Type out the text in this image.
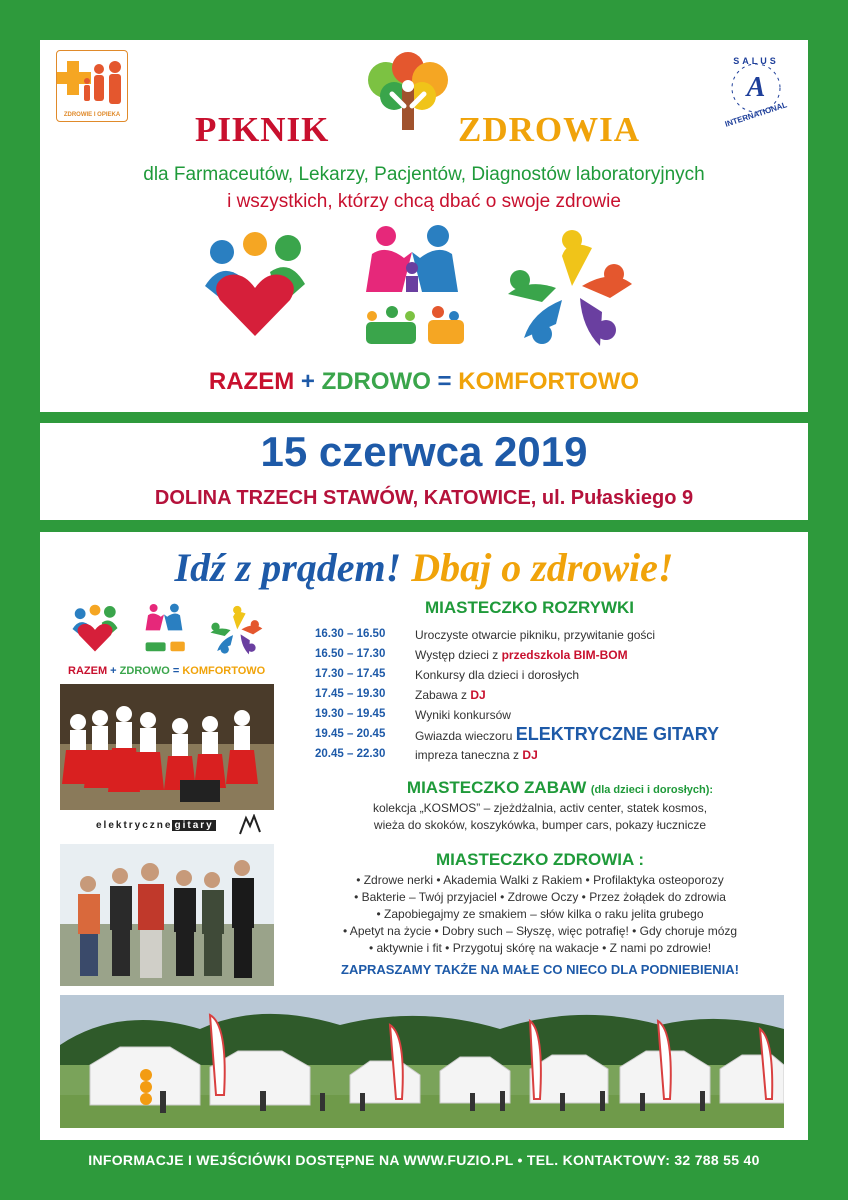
ZDROWIE I OPIEKA PIKNIK	ZDROWIA
SALUS
A
INTERNATIONAL
dla Farmaceutów, Lekarzy, Pacjentów, Diagnostów laboratoryjnych
i wszystkich, którzy chcą dbać o swoje zdrowie
RAZEM + ZDROWO = KOMFORTOWO
15 czerwca 2019
DOLINA TRZECH STAWÓW, KATOWICE, ul. Pułaskiego 9
Idź z prądem! Dbaj o zdrowie!
RAZEM + ZDROWO = KOMFORTOWO
elektryczne gitary
MIASTECZKO ROZRYWKI
16.30 – 16.50	Uroczyste otwarcie pikniku, przywitanie gości
16.50 – 17.30	Występ dzieci z przedszkola BIM-BOM
17.30 – 17.45	Konkursy dla dzieci i dorosłych
17.45 – 19.30	Zabawa z DJ
19.30 – 19.45	Wyniki konkursów
19.45 – 20.45	Gwiazda wieczoru ELEKTRYCZNE GITARY
20.45 – 22.30	impreza taneczna z DJ
MIASTECZKO ZABAW (dla dzieci i dorosłych):
kolekcja „KOSMOS” – zjeżdżalnia, activ center, statek kosmos,
wieża do skoków, koszykówka, bumper cars, pokazy łucznicze
MIASTECZKO ZDROWIA :
• Zdrowe nerki • Akademia Walki z Rakiem • Profilaktyka osteoporozy
• Bakterie – Twój przyjaciel • Zdrowe Oczy • Przez żołądek do zdrowia
• Zapobiegajmy ze smakiem – słów kilka o raku jelita grubego
• Apetyt na życie • Dobry such – Słyszę, więc potrafię! • Gdy choruje mózg
• aktywnie i fit • Przygotuj skórę na wakacje • Z nami po zdrowie!
ZAPRASZAMY TAKŻE NA MAŁE CO NIECO DLA PODNIEBIENIA!
INFORMACJE I WEJŚCIÓWKI DOSTĘPNE NA WWW.FUZIO.PL • TEL. KONTAKTOWY: 32 788 55 40
